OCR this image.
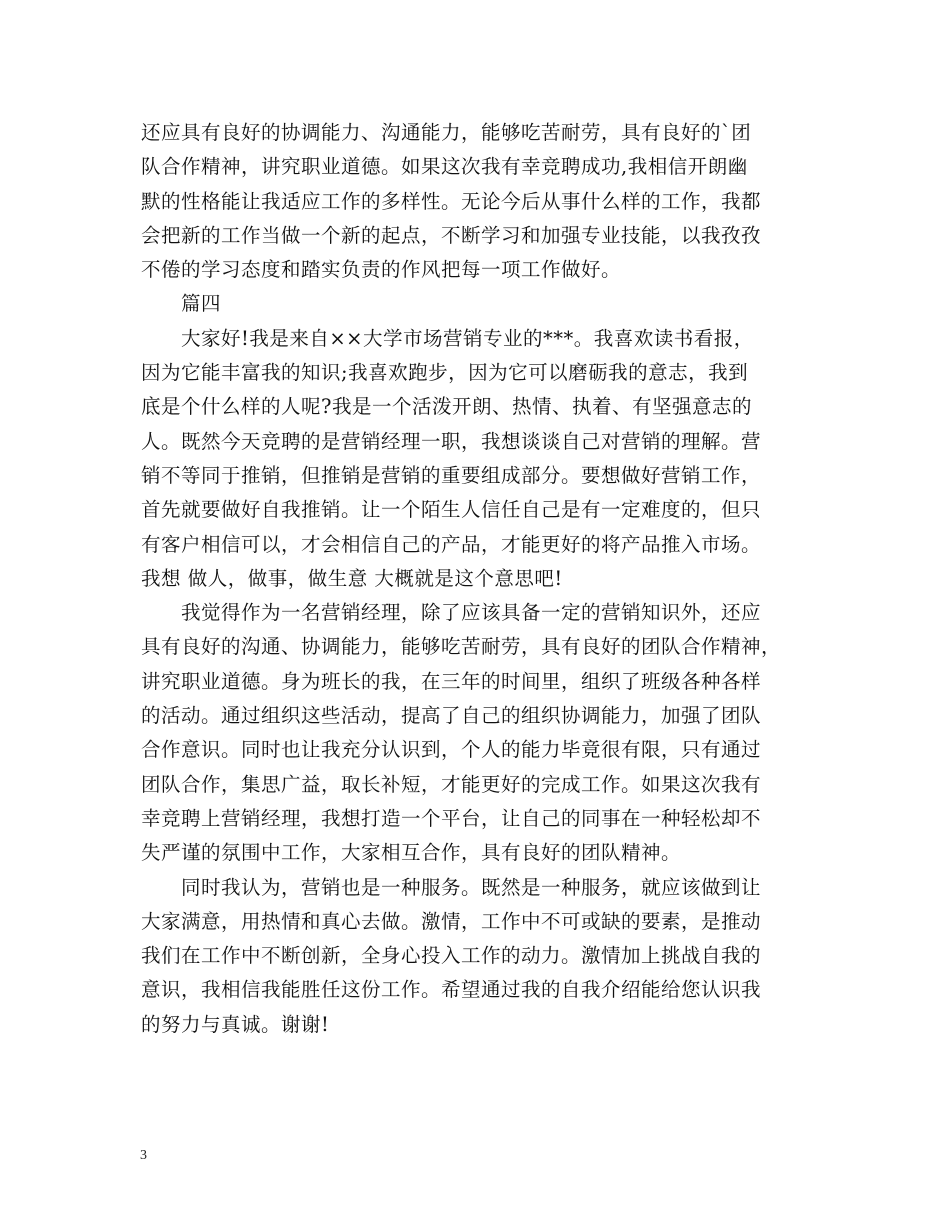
还应具有良好的协调能力、沟通能力，能够吃苦耐劳，具有良好的`团
队合作精神，讲究职业道德。如果这次我有幸竞聘成功,我相信开朗幽
默的性格能让我适应工作的多样性。无论今后从事什么样的工作，我都
会把新的工作当做一个新的起点，不断学习和加强专业技能，以我孜孜
不倦的学习态度和踏实负责的作风把每一项工作做好。
篇四
大家好!我是来自××大学市场营销专业的***。我喜欢读书看报，
因为它能丰富我的知识;我喜欢跑步，因为它可以磨砺我的意志，我到
底是个什么样的人呢?我是一个活泼开朗、热情、执着、有坚强意志的
人。既然今天竞聘的是营销经理一职，我想谈谈自己对营销的理解。营
销不等同于推销，但推销是营销的重要组成部分。要想做好营销工作，
首先就要做好自我推销。让一个陌生人信任自己是有一定难度的，但只
有客户相信可以，才会相信自己的产品，才能更好的将产品推入市场。
我想 做人，做事，做生意 大概就是这个意思吧!
我觉得作为一名营销经理，除了应该具备一定的营销知识外，还应
具有良好的沟通、协调能力，能够吃苦耐劳，具有良好的团队合作精神，
讲究职业道德。身为班长的我，在三年的时间里，组织了班级各种各样
的活动。通过组织这些活动，提高了自己的组织协调能力，加强了团队
合作意识。同时也让我充分认识到，个人的能力毕竟很有限，只有通过
团队合作，集思广益，取长补短，才能更好的完成工作。如果这次我有
幸竞聘上营销经理，我想打造一个平台，让自己的同事在一种轻松却不
失严谨的氛围中工作，大家相互合作，具有良好的团队精神。
同时我认为，营销也是一种服务。既然是一种服务，就应该做到让
大家满意，用热情和真心去做。激情，工作中不可或缺的要素，是推动
我们在工作中不断创新，全身心投入工作的动力。激情加上挑战自我的
意识，我相信我能胜任这份工作。希望通过我的自我介绍能给您认识我
的努力与真诚。谢谢!
3
